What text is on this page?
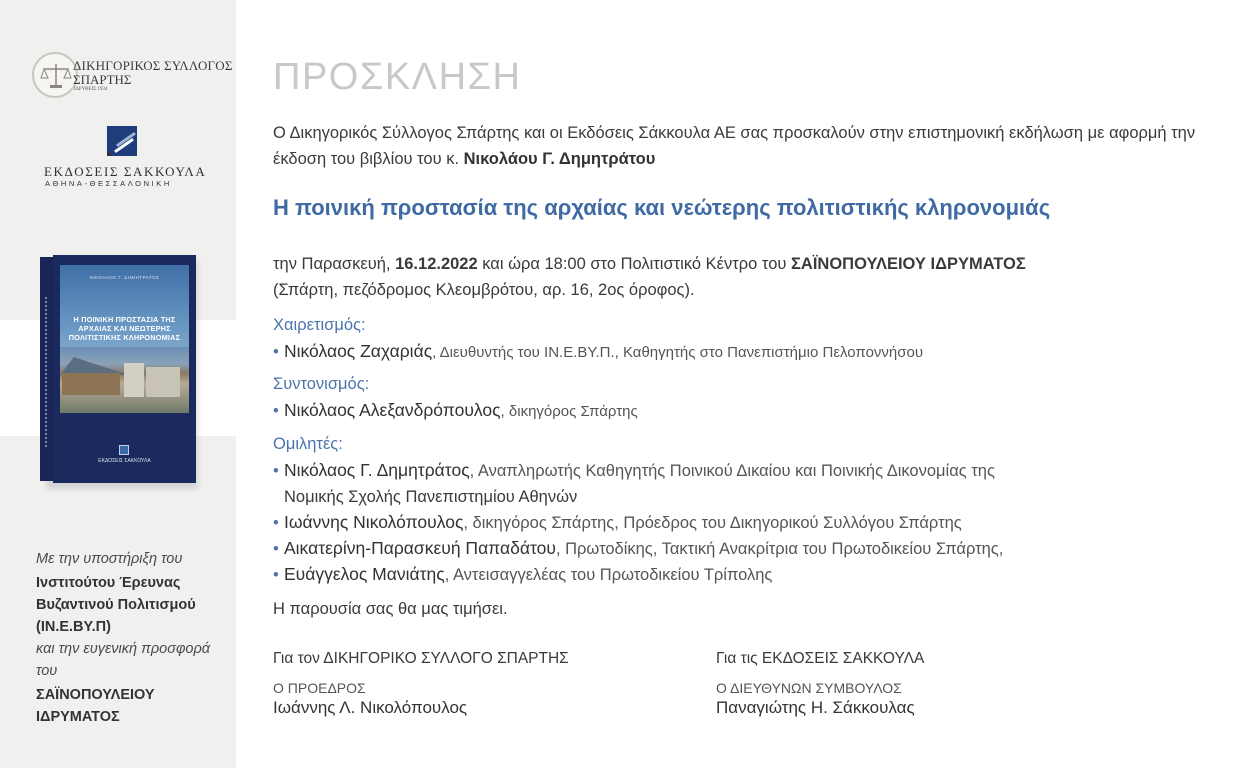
ΔΙΚΗΓΟΡΙΚΟΣ ΣΥΛΛΟΓΟΣ
ΣΠΑΡΤΗΣ
ΙΔΡΥΘΕΙΣ 1934
ΕΚΔΟΣΕΙΣ ΣΑΚΚΟΥΛΑ
ΑΘΗΝΑ-ΘΕΣΣΑΛΟΝΙΚΗ
ΝΙΚΟΛΑΟΣ Γ. ΔΗΜΗΤΡΑΤΟΣ
Η ΠΟΙΝΙΚΗ ΠΡΟΣΤΑΣΙΑ ΤΗΣ ΑΡΧΑΙΑΣ ΚΑΙ ΝΕΩΤΕΡΗΣ ΠΟΛΙΤΙΣΤΙΚΗΣ ΚΛΗΡΟΝΟΜΙΑΣ
ΕΚΔΟΣΕΙΣ ΣΑΚΚΟΥΛΑ
Με την υποστήριξη του
Ινστιτούτου Έρευνας Βυζαντινού Πολιτισμού (ΙΝ.Ε.ΒΥ.Π)
και την ευγενική προσφορά του
ΣΑΪΝΟΠΟΥΛΕΙΟΥ ΙΔΡΥΜΑΤΟΣ
ΠΡΟΣΚΛΗΣΗ
Ο Δικηγορικός Σύλλογος Σπάρτης και οι Εκδόσεις Σάκκουλα ΑΕ σας προσκαλούν στην επιστημονική εκδήλωση με αφορμή την έκδοση του βιβλίου του κ. Νικολάου Γ. Δημητράτου
Η ποινική προστασία της αρχαίας και νεώτερης πολιτιστικής κληρονομιάς
την Παρασκευή, 16.12.2022 και ώρα 18:00 στο Πολιτιστικό Κέντρο του ΣΑΪΝΟΠΟΥΛΕΙΟΥ ΙΔΡΥΜΑΤΟΣ
(Σπάρτη, πεζόδρομος Κλεομβρότου, αρ. 16, 2ος όροφος).
Χαιρετισμός:
• Νικόλαος Ζαχαριάς, Διευθυντής του ΙΝ.Ε.ΒΥ.Π., Καθηγητής στο Πανεπιστήμιο Πελοποννήσου
Συντονισμός:
• Νικόλαος Αλεξανδρόπουλος, δικηγόρος Σπάρτης
Ομιλητές:
• Νικόλαος Γ. Δημητράτος, Αναπληρωτής Καθηγητής Ποινικού Δικαίου και Ποινικής Δικονομίας της
Νομικής Σχολής Πανεπιστημίου Αθηνών
• Ιωάννης Νικολόπουλος, δικηγόρος Σπάρτης, Πρόεδρος του Δικηγορικού Συλλόγου Σπάρτης
• Αικατερίνη-Παρασκευή Παπαδάτου, Πρωτοδίκης, Τακτική Ανακρίτρια του Πρωτοδικείου Σπάρτης,
• Ευάγγελος Μανιάτης, Αντεισαγγελέας του Πρωτοδικείου Τρίπολης
Η παρουσία σας θα μας τιμήσει.
Για τον ΔΙΚΗΓΟΡΙΚΟ ΣΥΛΛΟΓΟ ΣΠΑΡΤΗΣ
Ο ΠΡΟΕΔΡΟΣ
Ιωάννης Λ. Νικολόπουλος
Για τις ΕΚΔΟΣΕΙΣ ΣΑΚΚΟΥΛΑ
Ο ΔΙΕΥΘΥΝΩΝ ΣΥΜΒΟΥΛΟΣ
Παναγιώτης Η. Σάκκουλας
